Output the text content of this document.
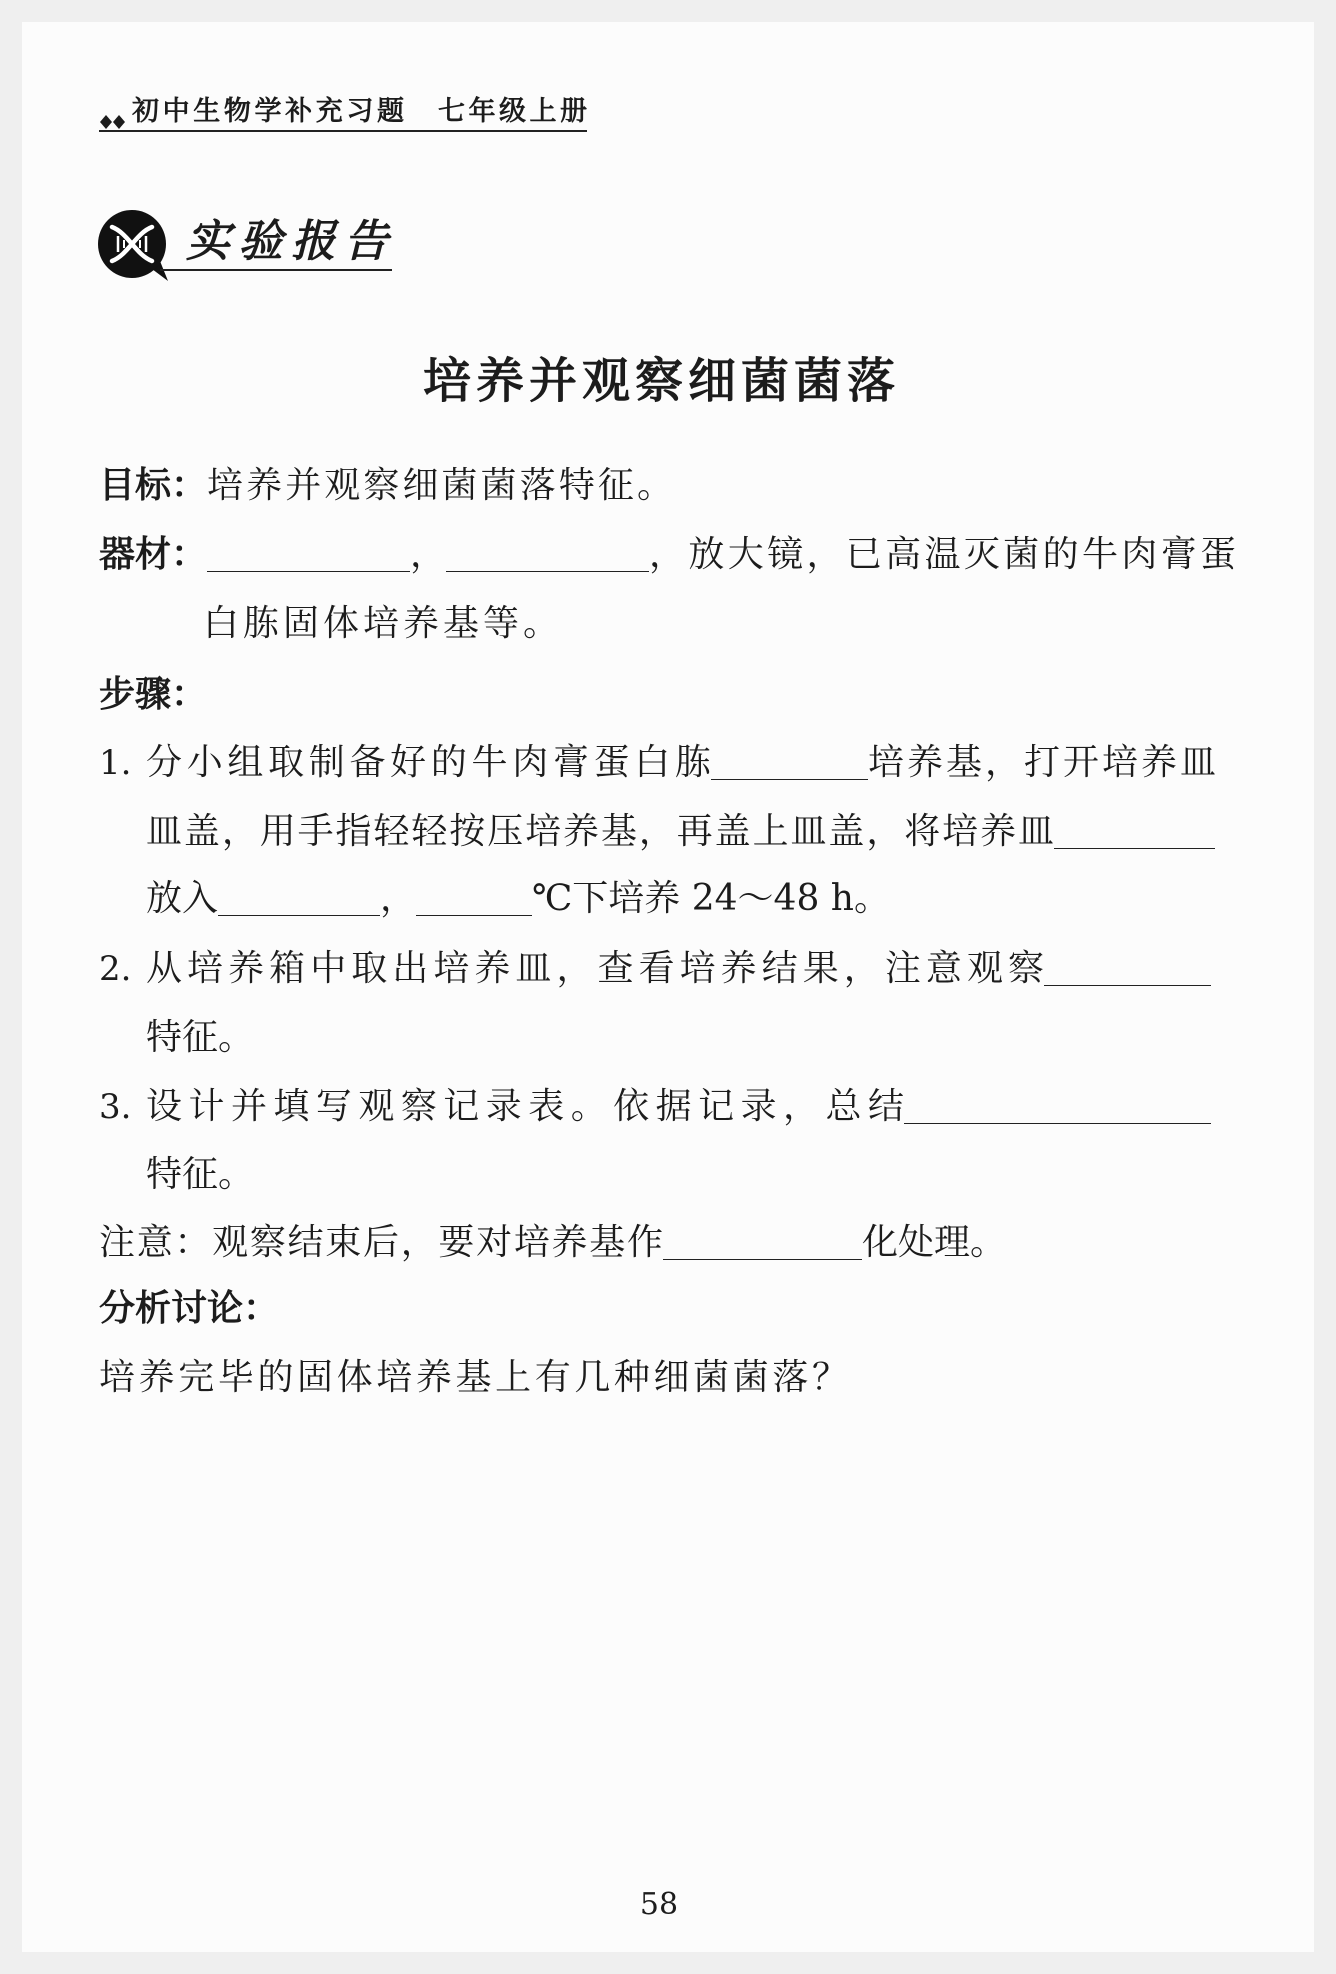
初中生物学补充习题 七年级上册
实验报告
培养并观察细菌菌落
目标： 培养并观察细菌菌落特征。
器材：	，	，放大镜，已高温灭菌的牛肉膏蛋
白胨固体培养基等。
步骤：
1. 分小组取制备好的牛肉膏蛋白胨	培养基，打开培养皿
皿盖，用手指轻轻按压培养基，再盖上皿盖，将培养皿
放入	，	℃下培养 24～48 h。
2. 从培养箱中取出培养皿，查看培养结果，注意观察
特征。
3. 设计并填写观察记录表。依据记录，总结
特征。
注意：观察结束后，要对培养基作	化处理。
分析讨论：
培养完毕的固体培养基上有几种细菌菌落？
58
